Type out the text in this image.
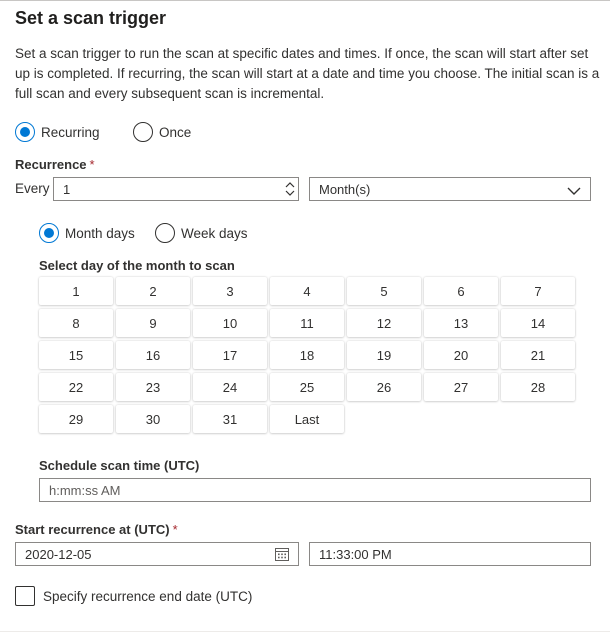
Set a scan trigger
Set a scan trigger to run the scan at specific dates and times. If once, the scan will start after set up is completed. If recurring, the scan will start at a date and time you choose. The initial scan is a full scan and every subsequent scan is incremental.
Recurring	Once
Recurrence *
Every 1	Month(s)
Month days	Week days
Select day of the month to scan
1	2	3	4	5	6	7
8	9	10	11	12	13	14
15	16	17	18	19	20	21
22	23	24	25	26	27	28
29	30	31	Last
Schedule scan time (UTC)
h:mm:ss AM
Start recurrence at (UTC) *
2020-12-05	11:33:00 PM
Specify recurrence end date (UTC)
